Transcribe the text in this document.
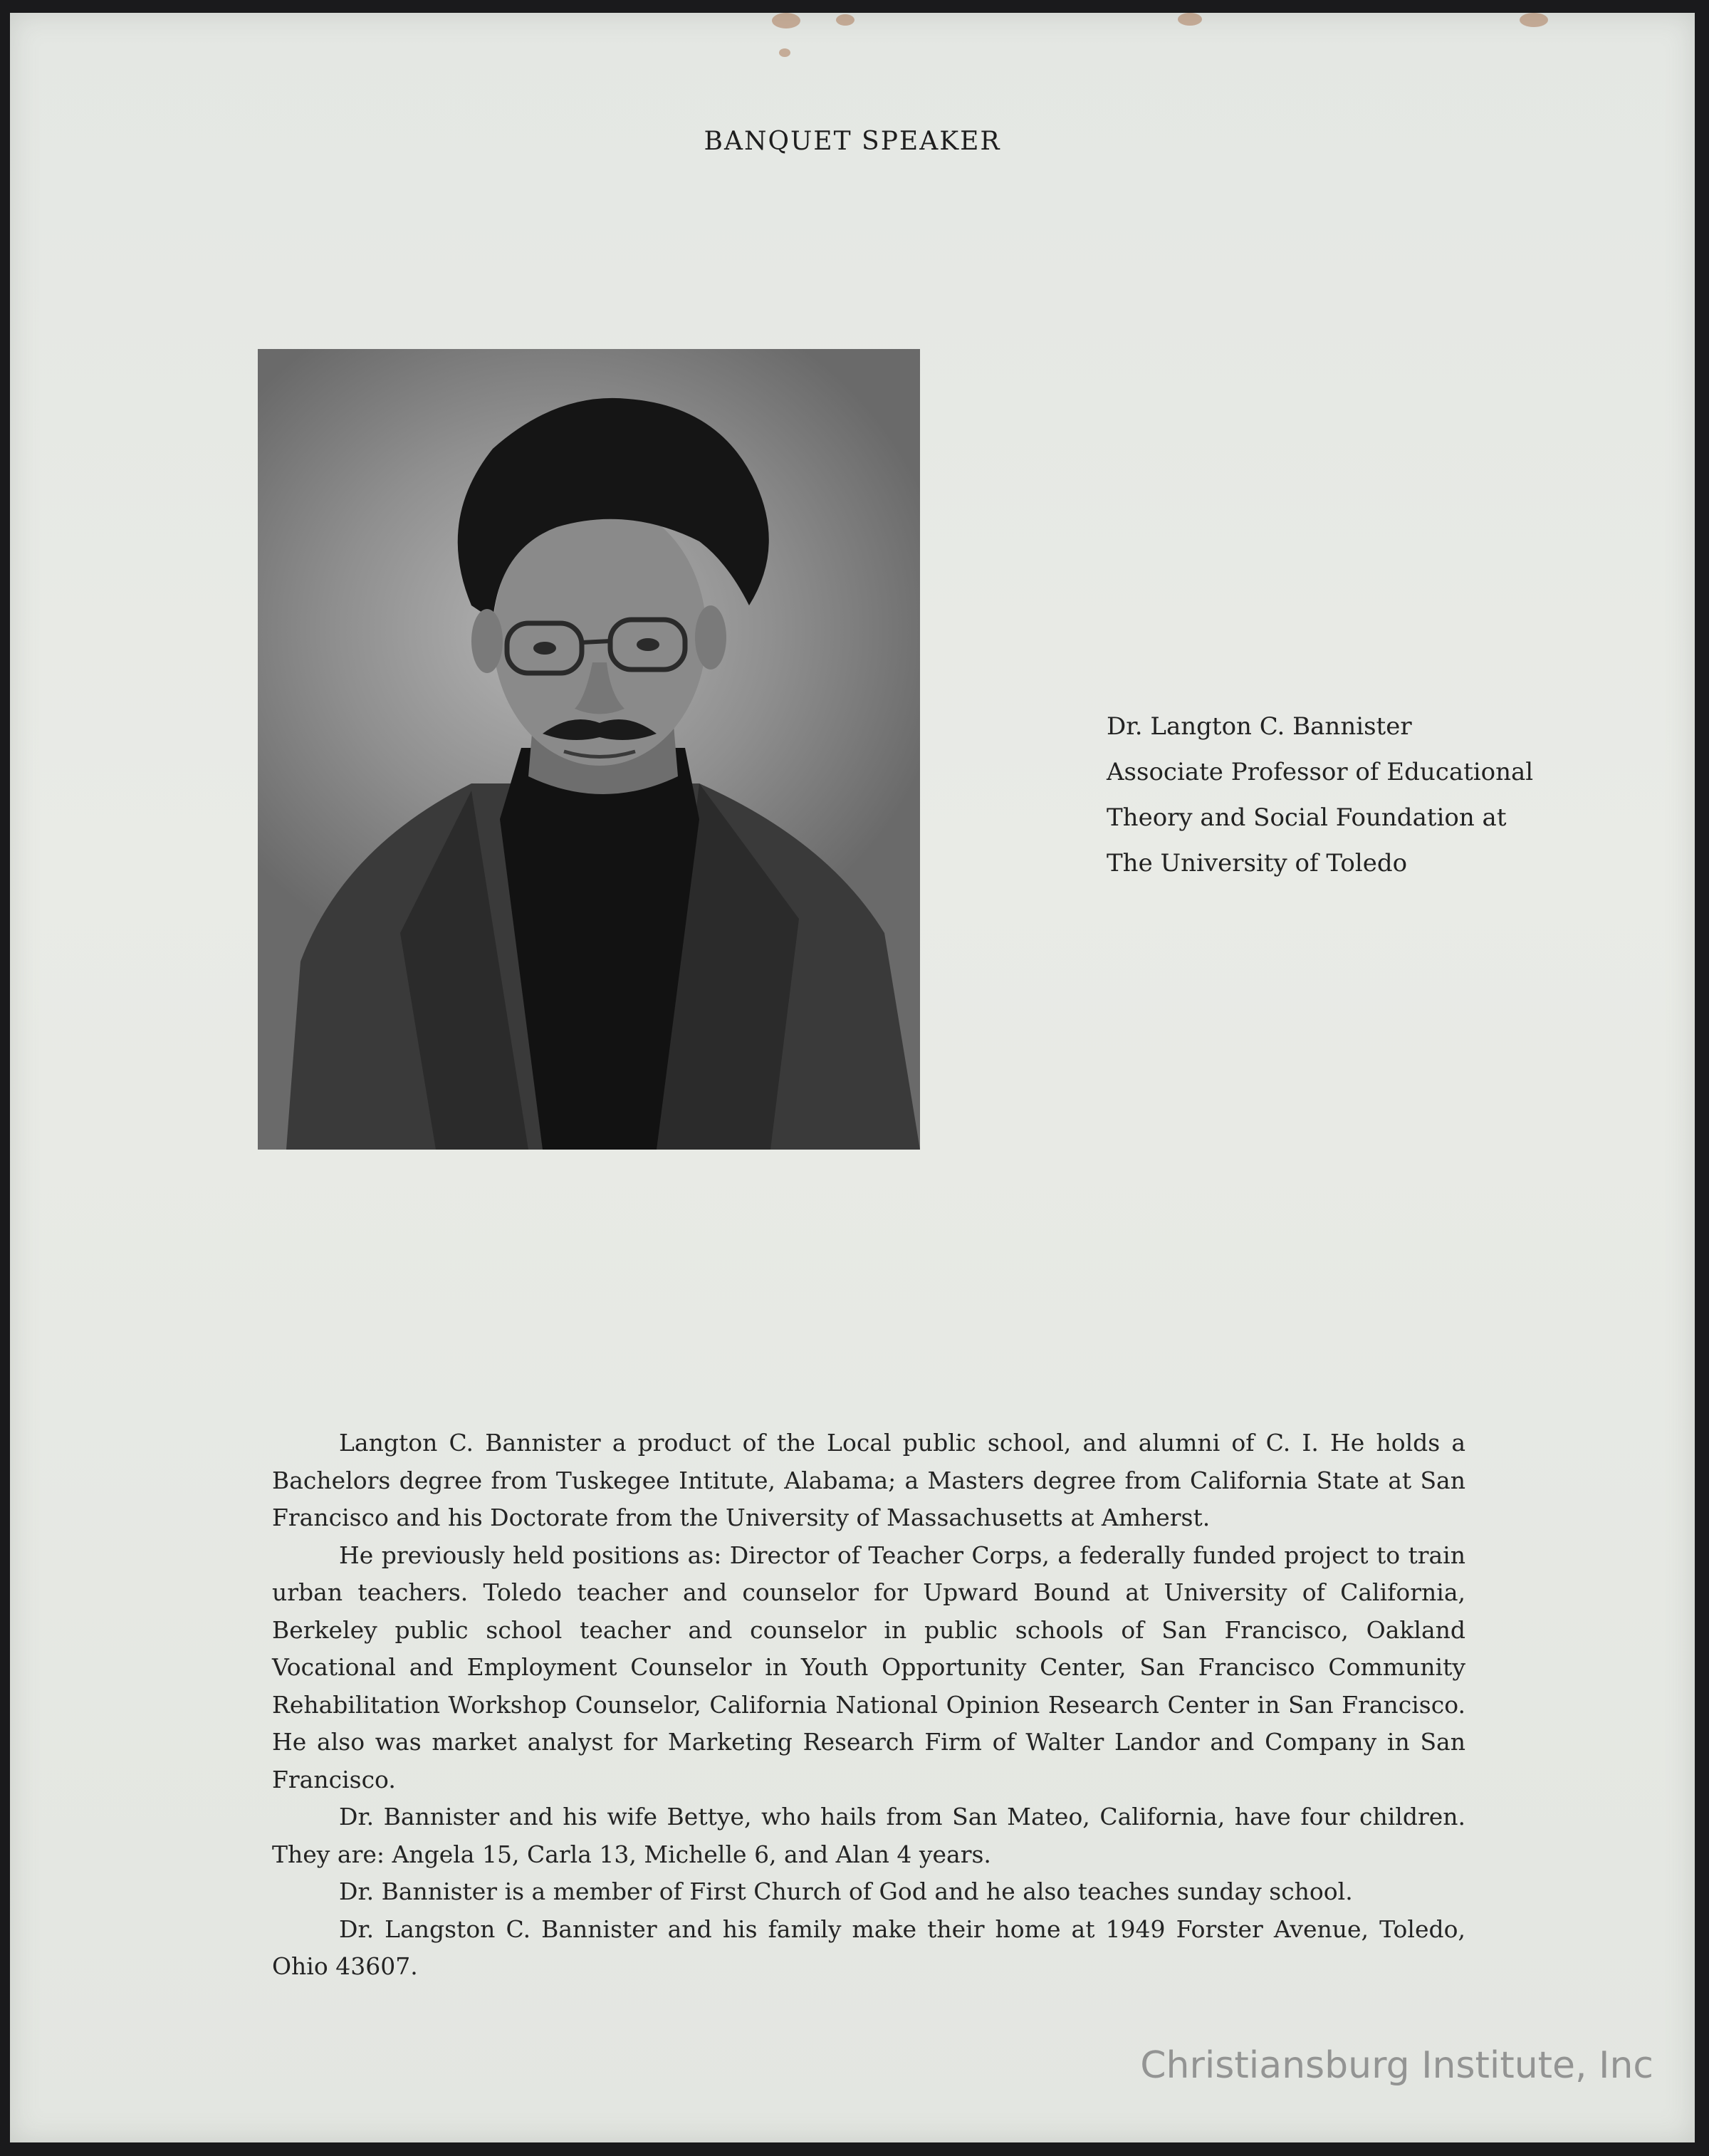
BANQUET SPEAKER
Dr. Langton C. Bannister
Associate Professor of Educational
Theory and Social Foundation at
The University of Toledo

Langton C. Bannister a product of the Local public school, and alumni of C. I. He holds a Bachelors degree from Tuskegee Intitute, Alabama; a Masters degree from California State at San Francisco and his Doctorate from the University of Massachusetts at Amherst.

He previously held positions as: Director of Teacher Corps, a federally funded project to train urban teachers. Toledo teacher and counselor for Upward Bound at University of California, Berkeley public school teacher and counselor in public schools of San Francisco, Oakland Vocational and Employment Counselor in Youth Opportunity Center, San Francisco Community Rehabilitation Workshop Counselor, California National Opinion Research Center in San Francisco. He also was market analyst for Marketing Research Firm of Walter Landor and Company in San Francisco.

Dr. Bannister and his wife Bettye, who hails from San Mateo, California, have four children. They are: Angela 15, Carla 13, Michelle 6, and Alan 4 years.

Dr. Bannister is a member of First Church of God and he also teaches sunday school.

Dr. Langston C. Bannister and his family make their home at 1949 Forster Avenue, Toledo, Ohio 43607.

Christiansburg Institute, Inc
